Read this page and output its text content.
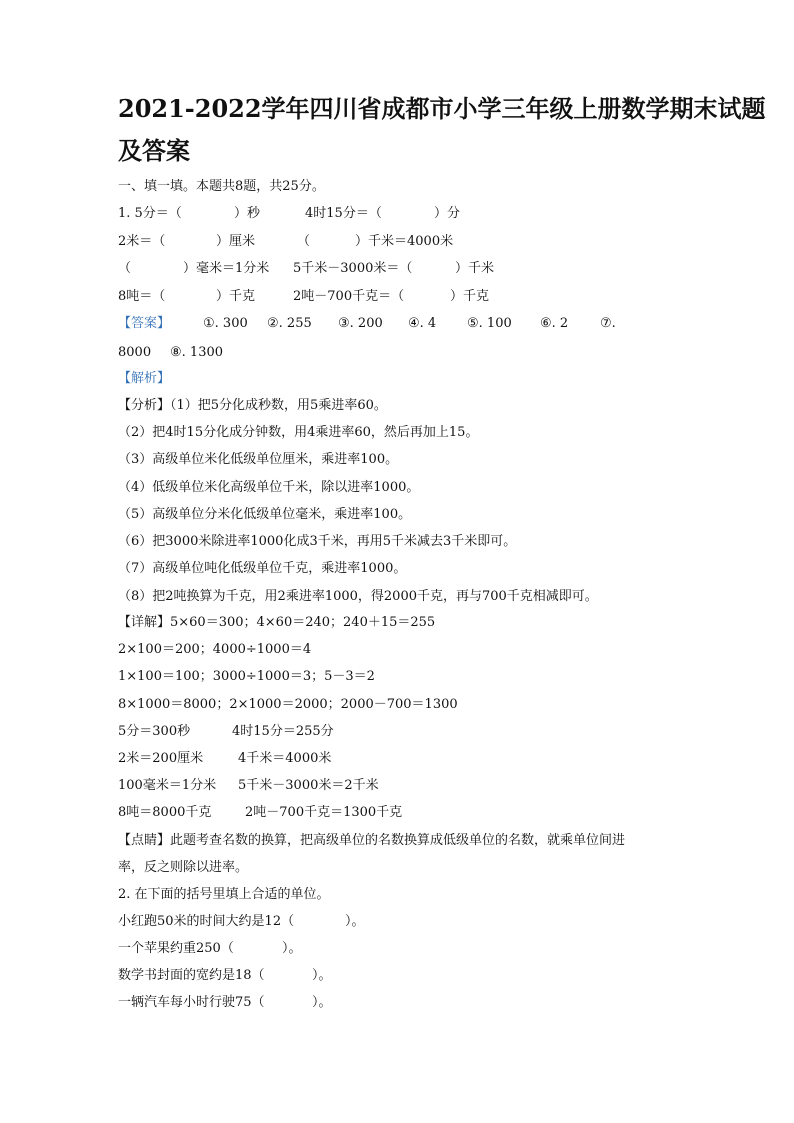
2021-2022学年四川省成都市小学三年级上册数学期末试题
及答案
一、填一填。本题共8题，共25分。
1. 5分＝（	）秒	4时15分＝（	）分
2米＝（	）厘米	（	）千米＝4000米
（	）毫米＝1分米 5千米－3000米＝（	）千米
8吨＝（	）千克	2吨－700千克＝（	）千克
【答案】	①. 300 ②. 255 ③. 200 ④. 4 ⑤. 100 ⑥. 2 ⑦.
8000 ⑧. 1300
【解析】
【分析】（1）把5分化成秒数，用5乘进率60。
（2）把4时15分化成分钟数，用4乘进率60，然后再加上15。
（3）高级单位米化低级单位厘米，乘进率100。
（4）低级单位米化高级单位千米，除以进率1000。
（5）高级单位分米化低级单位毫米，乘进率100。
（6）把3000米除进率1000化成3千米，再用5千米减去3千米即可。
（7）高级单位吨化低级单位千克，乘进率1000。
（8）把2吨换算为千克，用2乘进率1000，得2000千克，再与700千克相减即可。
【详解】5×60＝300；4×60＝240；240＋15＝255
2×100＝200；4000÷1000＝4
1×100＝100；3000÷1000＝3；5－3＝2
8×1000＝8000；2×1000＝2000；2000－700＝1300
5分＝300秒	4时15分＝255分
2米＝200厘米	4千米＝4000米
100毫米＝1分米 5千米－3000米＝2千米
8吨＝8000千克	2吨－700千克＝1300千克
【点睛】此题考查名数的换算，把高级单位的名数换算成低级单位的名数，就乘单位间进
率，反之则除以进率。
2. 在下面的括号里填上合适的单位。
小红跑50米的时间大约是12（	）。
一个苹果约重250（	）。
数学书封面的宽约是18（	）。
一辆汽车每小时行驶75（	）。
